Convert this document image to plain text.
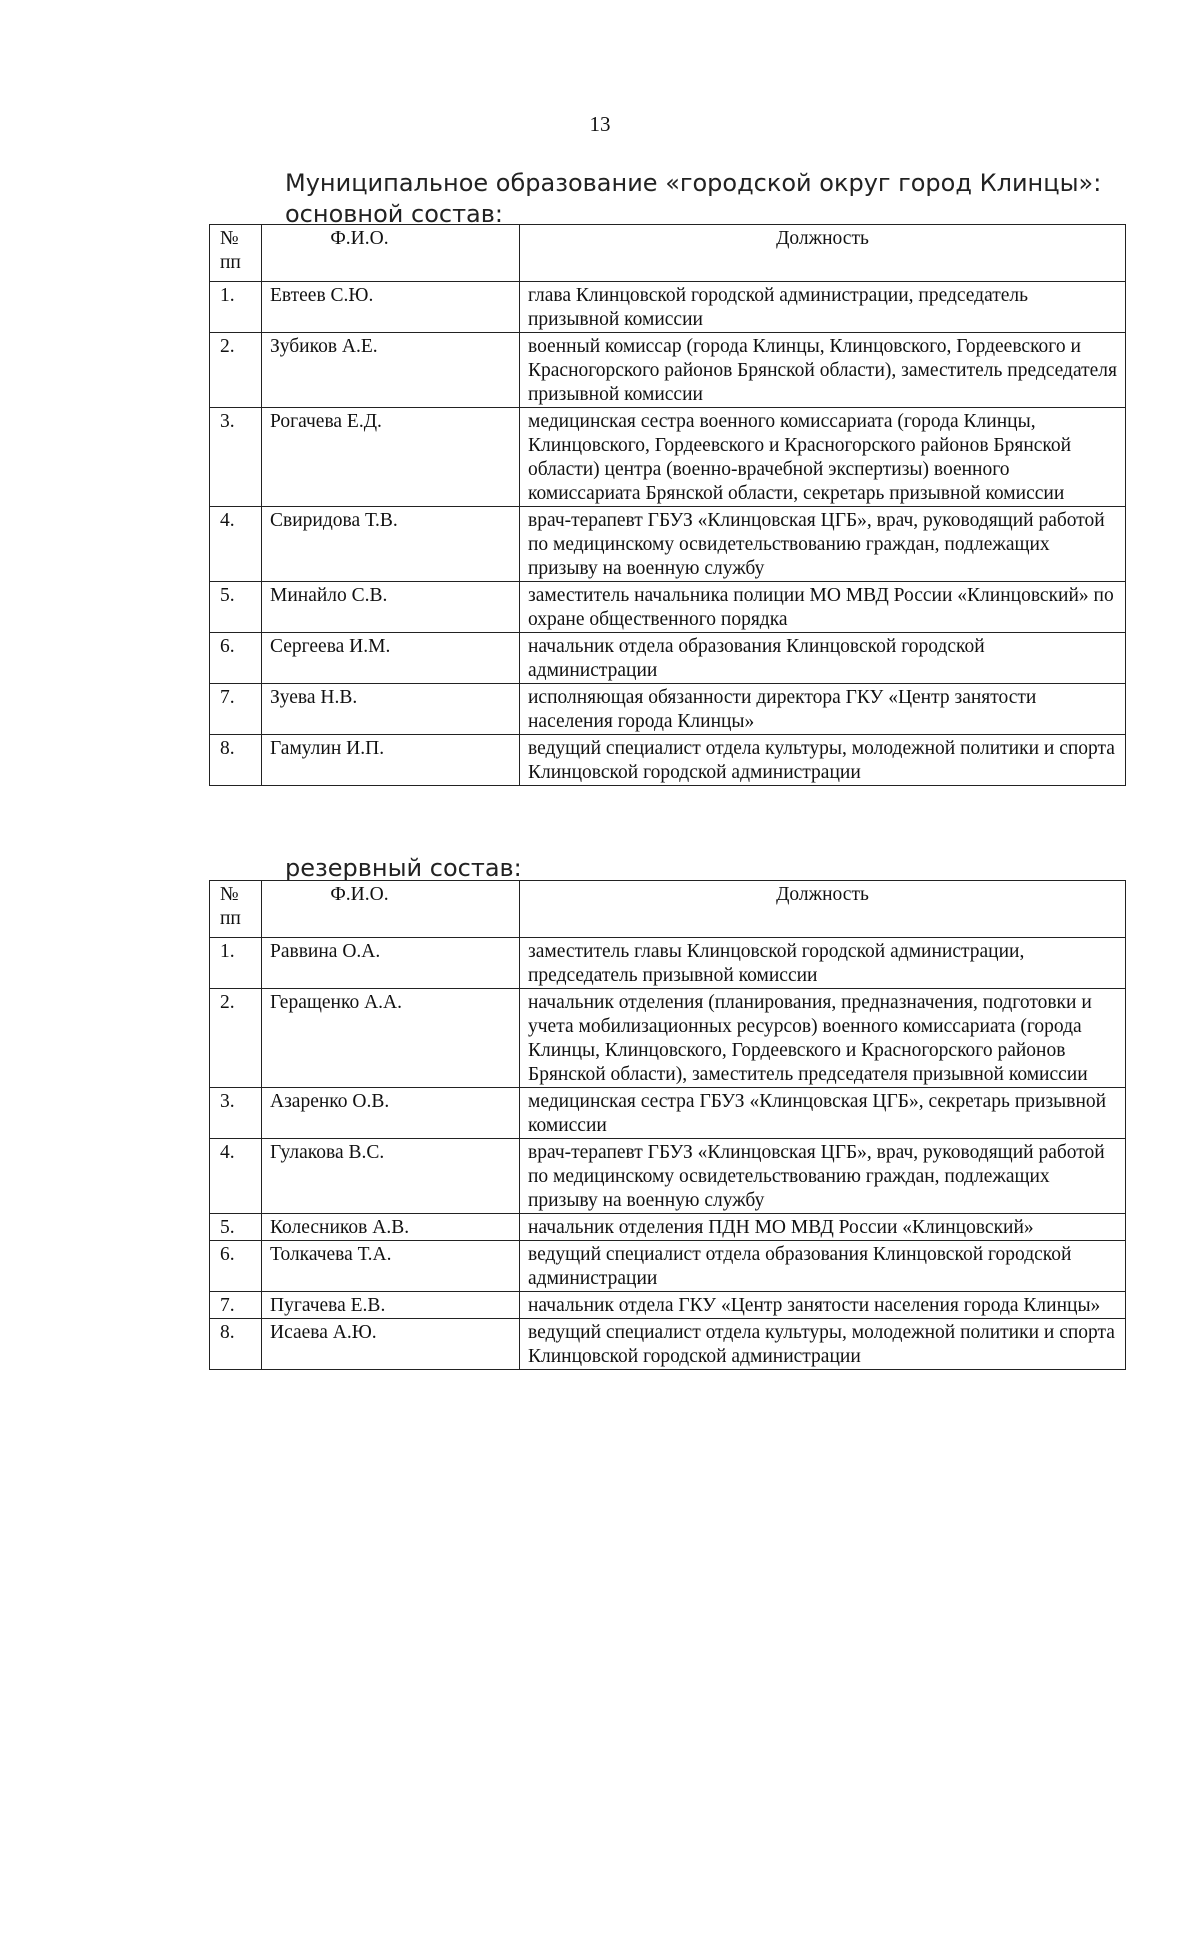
13
Муниципальное образование «городской округ город Клинцы»:
основной состав:
№ пп	Ф.И.О.	Должность
1.	Евтеев С.Ю.	глава Клинцовской городской администрации, председатель призывной комиссии
2.	Зубиков А.Е.	военный комиссар (города Клинцы, Клинцовского, Гордеевского и Красногорского районов Брянской области), заместитель председателя призывной комиссии
3.	Рогачева Е.Д.	медицинская сестра военного комиссариата (города Клинцы, Клинцовского, Гордеевского и Красногорского районов Брянской области) центра (военно-врачебной экспертизы) военного комиссариата Брянской области, секретарь призывной комиссии
4.	Свиридова Т.В.	врач-терапевт ГБУЗ «Клинцовская ЦГБ», врач, руководящий работой по медицинскому освидетельствованию граждан, подлежащих призыву на военную службу
5.	Минайло С.В.	заместитель начальника полиции МО МВД России «Клинцовский» по охране общественного порядка
6.	Сергеева И.М.	начальник отдела образования Клинцовской городской администрации
7.	Зуева Н.В.	исполняющая обязанности директора ГКУ «Центр занятости населения города Клинцы»
8.	Гамулин И.П.	ведущий специалист отдела культуры, молодежной политики и спорта Клинцовской городской администрации
резервный состав:
№ пп	Ф.И.О.	Должность
1.	Раввина О.А.	заместитель главы Клинцовской городской администрации, председатель призывной комиссии
2.	Геращенко А.А.	начальник отделения (планирования, предназначения, подготовки и учета мобилизационных ресурсов) военного комиссариата (города Клинцы, Клинцовского, Гордеевского и Красногорского районов Брянской области), заместитель председателя призывной комиссии
3.	Азаренко О.В.	медицинская сестра ГБУЗ «Клинцовская ЦГБ», секретарь призывной комиссии
4.	Гулакова В.С.	врач-терапевт ГБУЗ «Клинцовская ЦГБ», врач, руководящий работой по медицинскому освидетельствованию граждан, подлежащих призыву на военную службу
5.	Колесников А.В.	начальник отделения ПДН МО МВД России «Клинцовский»
6.	Толкачева Т.А.	ведущий специалист отдела образования Клинцовской городской администрации
7.	Пугачева Е.В.	начальник отдела ГКУ «Центр занятости населения города Клинцы»
8.	Исаева А.Ю.	ведущий специалист отдела культуры, молодежной политики и спорта Клинцовской городской администрации
